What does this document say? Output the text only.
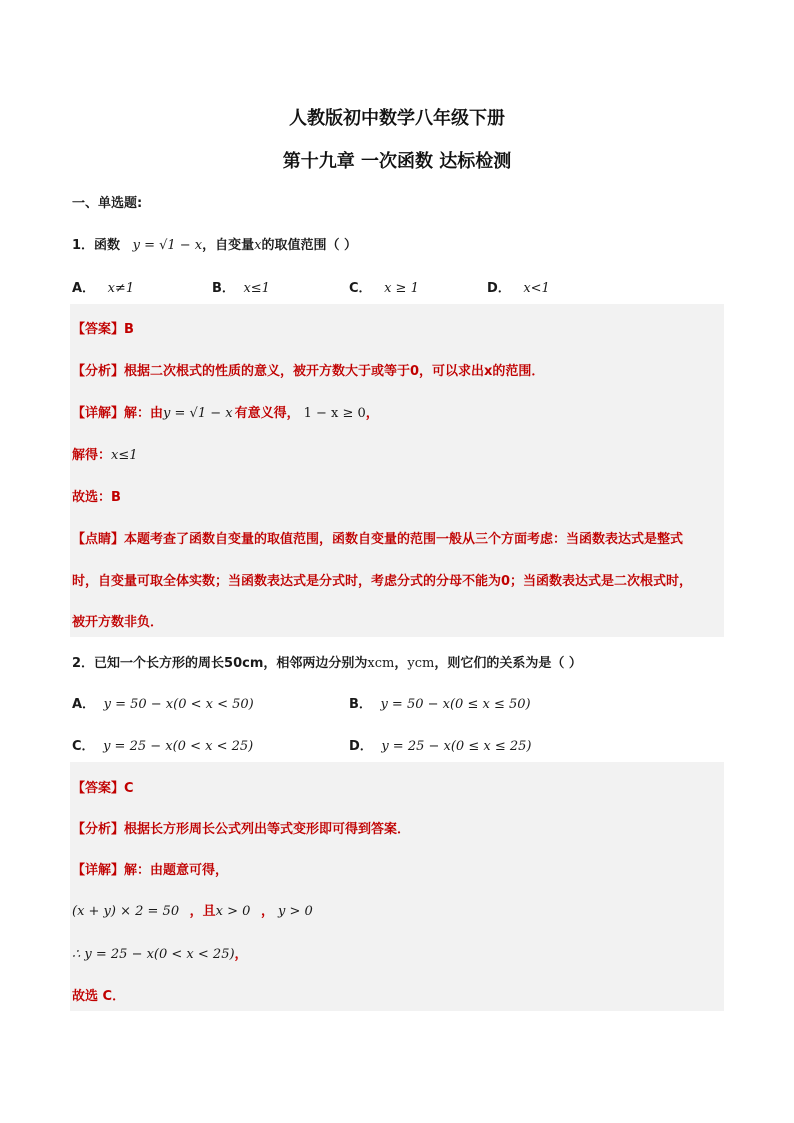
人教版初中数学八年级下册
第十九章 一次函数 达标检测
一、单选题:
1．函数 y = √1 − x，自变量x的取值范围（ ）
A． x≠1	B． x≤1	C． x ≥ 1	D． x<1
【答案】B
【分析】根据二次根式的性质的意义，被开方数大于或等于0，可以求出x的范围．
【详解】解：由y = √1 − x 有意义得， 1 − x ≥ 0，
解得：x≤1
故选：B
【点睛】本题考查了函数自变量的取值范围，函数自变量的范围一般从三个方面考虑：当函数表达式是整式
时，自变量可取全体实数；当函数表达式是分式时，考虑分式的分母不能为0；当函数表达式是二次根式时，
被开方数非负．
2．已知一个长方形的周长50cm，相邻两边分别为xcm，ycm，则它们的关系为是（ ）
A． y = 50 − x(0 < x < 50)	B． y = 50 − x(0 ≤ x ≤ 50)
C． y = 25 − x(0 < x < 25)	D． y = 25 − x(0 ≤ x ≤ 25)
【答案】C
【分析】根据长方形周长公式列出等式变形即可得到答案．
【详解】解：由题意可得，
(x + y) × 2 = 50 ，且x > 0 ， y > 0
∴ y = 25 − x(0 < x < 25)，
故选 C．
